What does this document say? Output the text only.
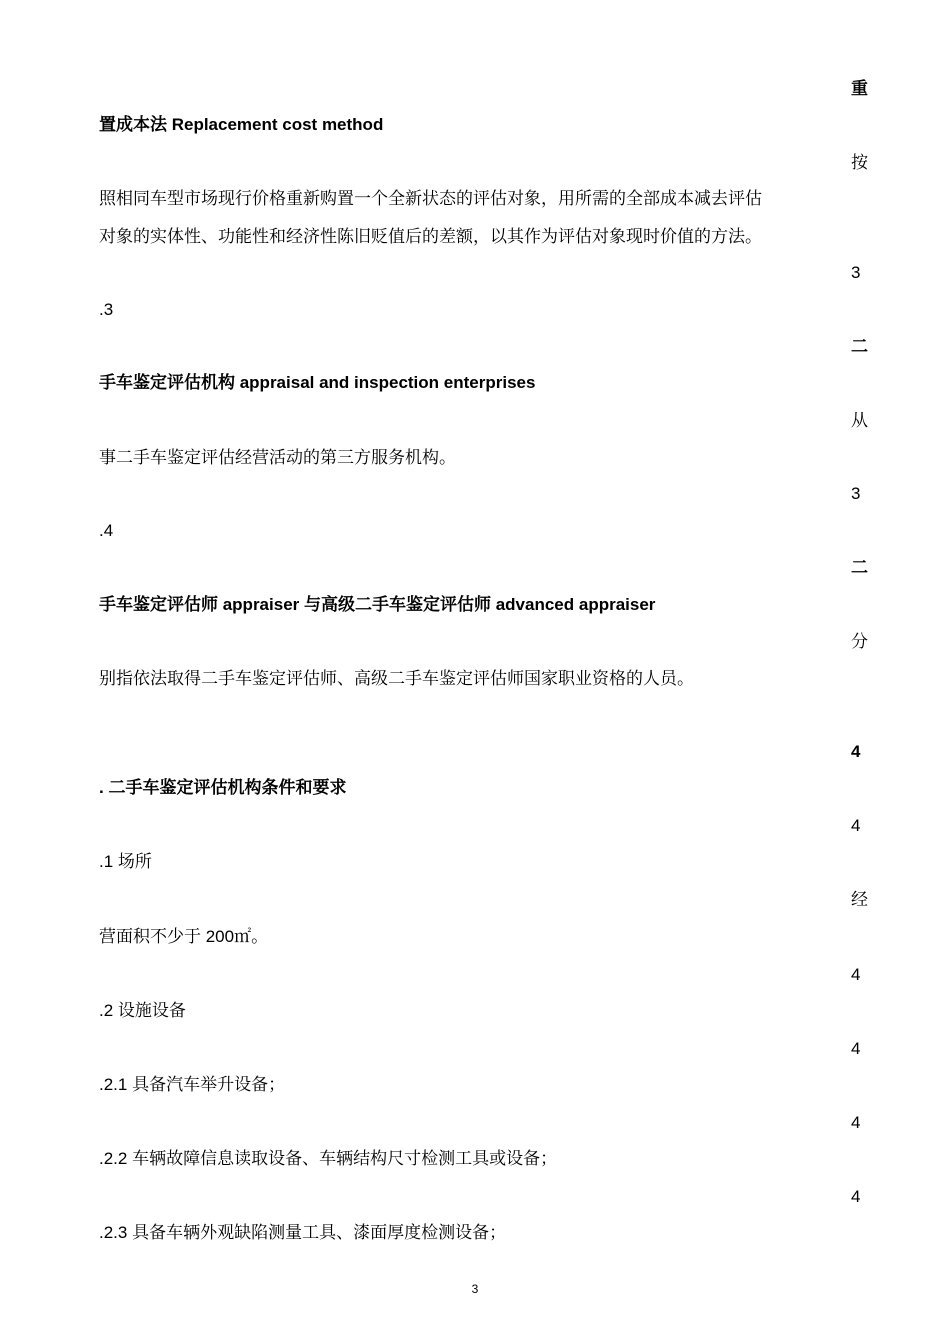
重
按
3
二
从
3
二
分
4
4
经
4
4
4
4
置成本法 Replacement cost method
照相同车型市场现行价格重新购置一个全新状态的评估对象，用所需的全部成本减去评估
对象的实体性、功能性和经济性陈旧贬值后的差额，以其作为评估对象现时价值的方法。
.3
手车鉴定评估机构 appraisal and inspection enterprises
事二手车鉴定评估经营活动的第三方服务机构。
.4
手车鉴定评估师 appraiser 与高级二手车鉴定评估师 advanced appraiser
别指依法取得二手车鉴定评估师、高级二手车鉴定评估师国家职业资格的人员。
. 二手车鉴定评估机构条件和要求
.1 场所
营面积不少于 200㎡。
.2 设施设备
.2.1 具备汽车举升设备；
.2.2 车辆故障信息读取设备、车辆结构尺寸检测工具或设备；
.2.3 具备车辆外观缺陷测量工具、漆面厚度检测设备；
3
